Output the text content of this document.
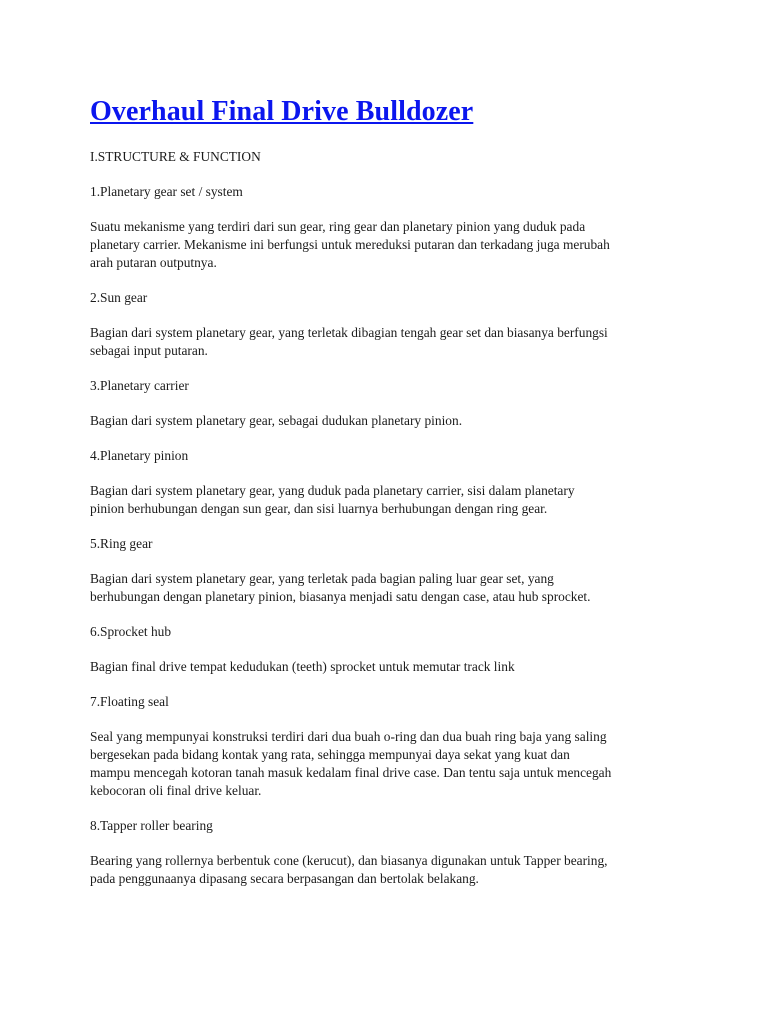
Overhaul Final Drive Bulldozer

I.STRUCTURE & FUNCTION

1.Planetary gear set / system

Suatu mekanisme yang terdiri dari sun gear, ring gear dan planetary pinion yang duduk pada
planetary carrier. Mekanisme ini berfungsi untuk mereduksi putaran dan terkadang juga merubah
arah putaran outputnya.

2.Sun gear

Bagian dari system planetary gear, yang terletak dibagian tengah gear set dan biasanya berfungsi
sebagai input putaran.

3.Planetary carrier

Bagian dari system planetary gear, sebagai dudukan planetary pinion.

4.Planetary pinion

Bagian dari system planetary gear, yang duduk pada planetary carrier, sisi dalam planetary
pinion berhubungan dengan sun gear, dan sisi luarnya berhubungan dengan ring gear.

5.Ring gear

Bagian dari system planetary gear, yang terletak pada bagian paling luar gear set, yang
berhubungan dengan planetary pinion, biasanya menjadi satu dengan case, atau hub sprocket.

6.Sprocket hub

Bagian final drive tempat kedudukan (teeth) sprocket untuk memutar track link

7.Floating seal

Seal yang mempunyai konstruksi terdiri dari dua buah o-ring dan dua buah ring baja yang saling
bergesekan pada bidang kontak yang rata, sehingga mempunyai daya sekat yang kuat dan
mampu mencegah kotoran tanah masuk kedalam final drive case. Dan tentu saja untuk mencegah
kebocoran oli final drive keluar.

8.Tapper roller bearing

Bearing yang rollernya berbentuk cone (kerucut), dan biasanya digunakan untuk Tapper bearing,
pada penggunaanya dipasang secara berpasangan dan bertolak belakang.
